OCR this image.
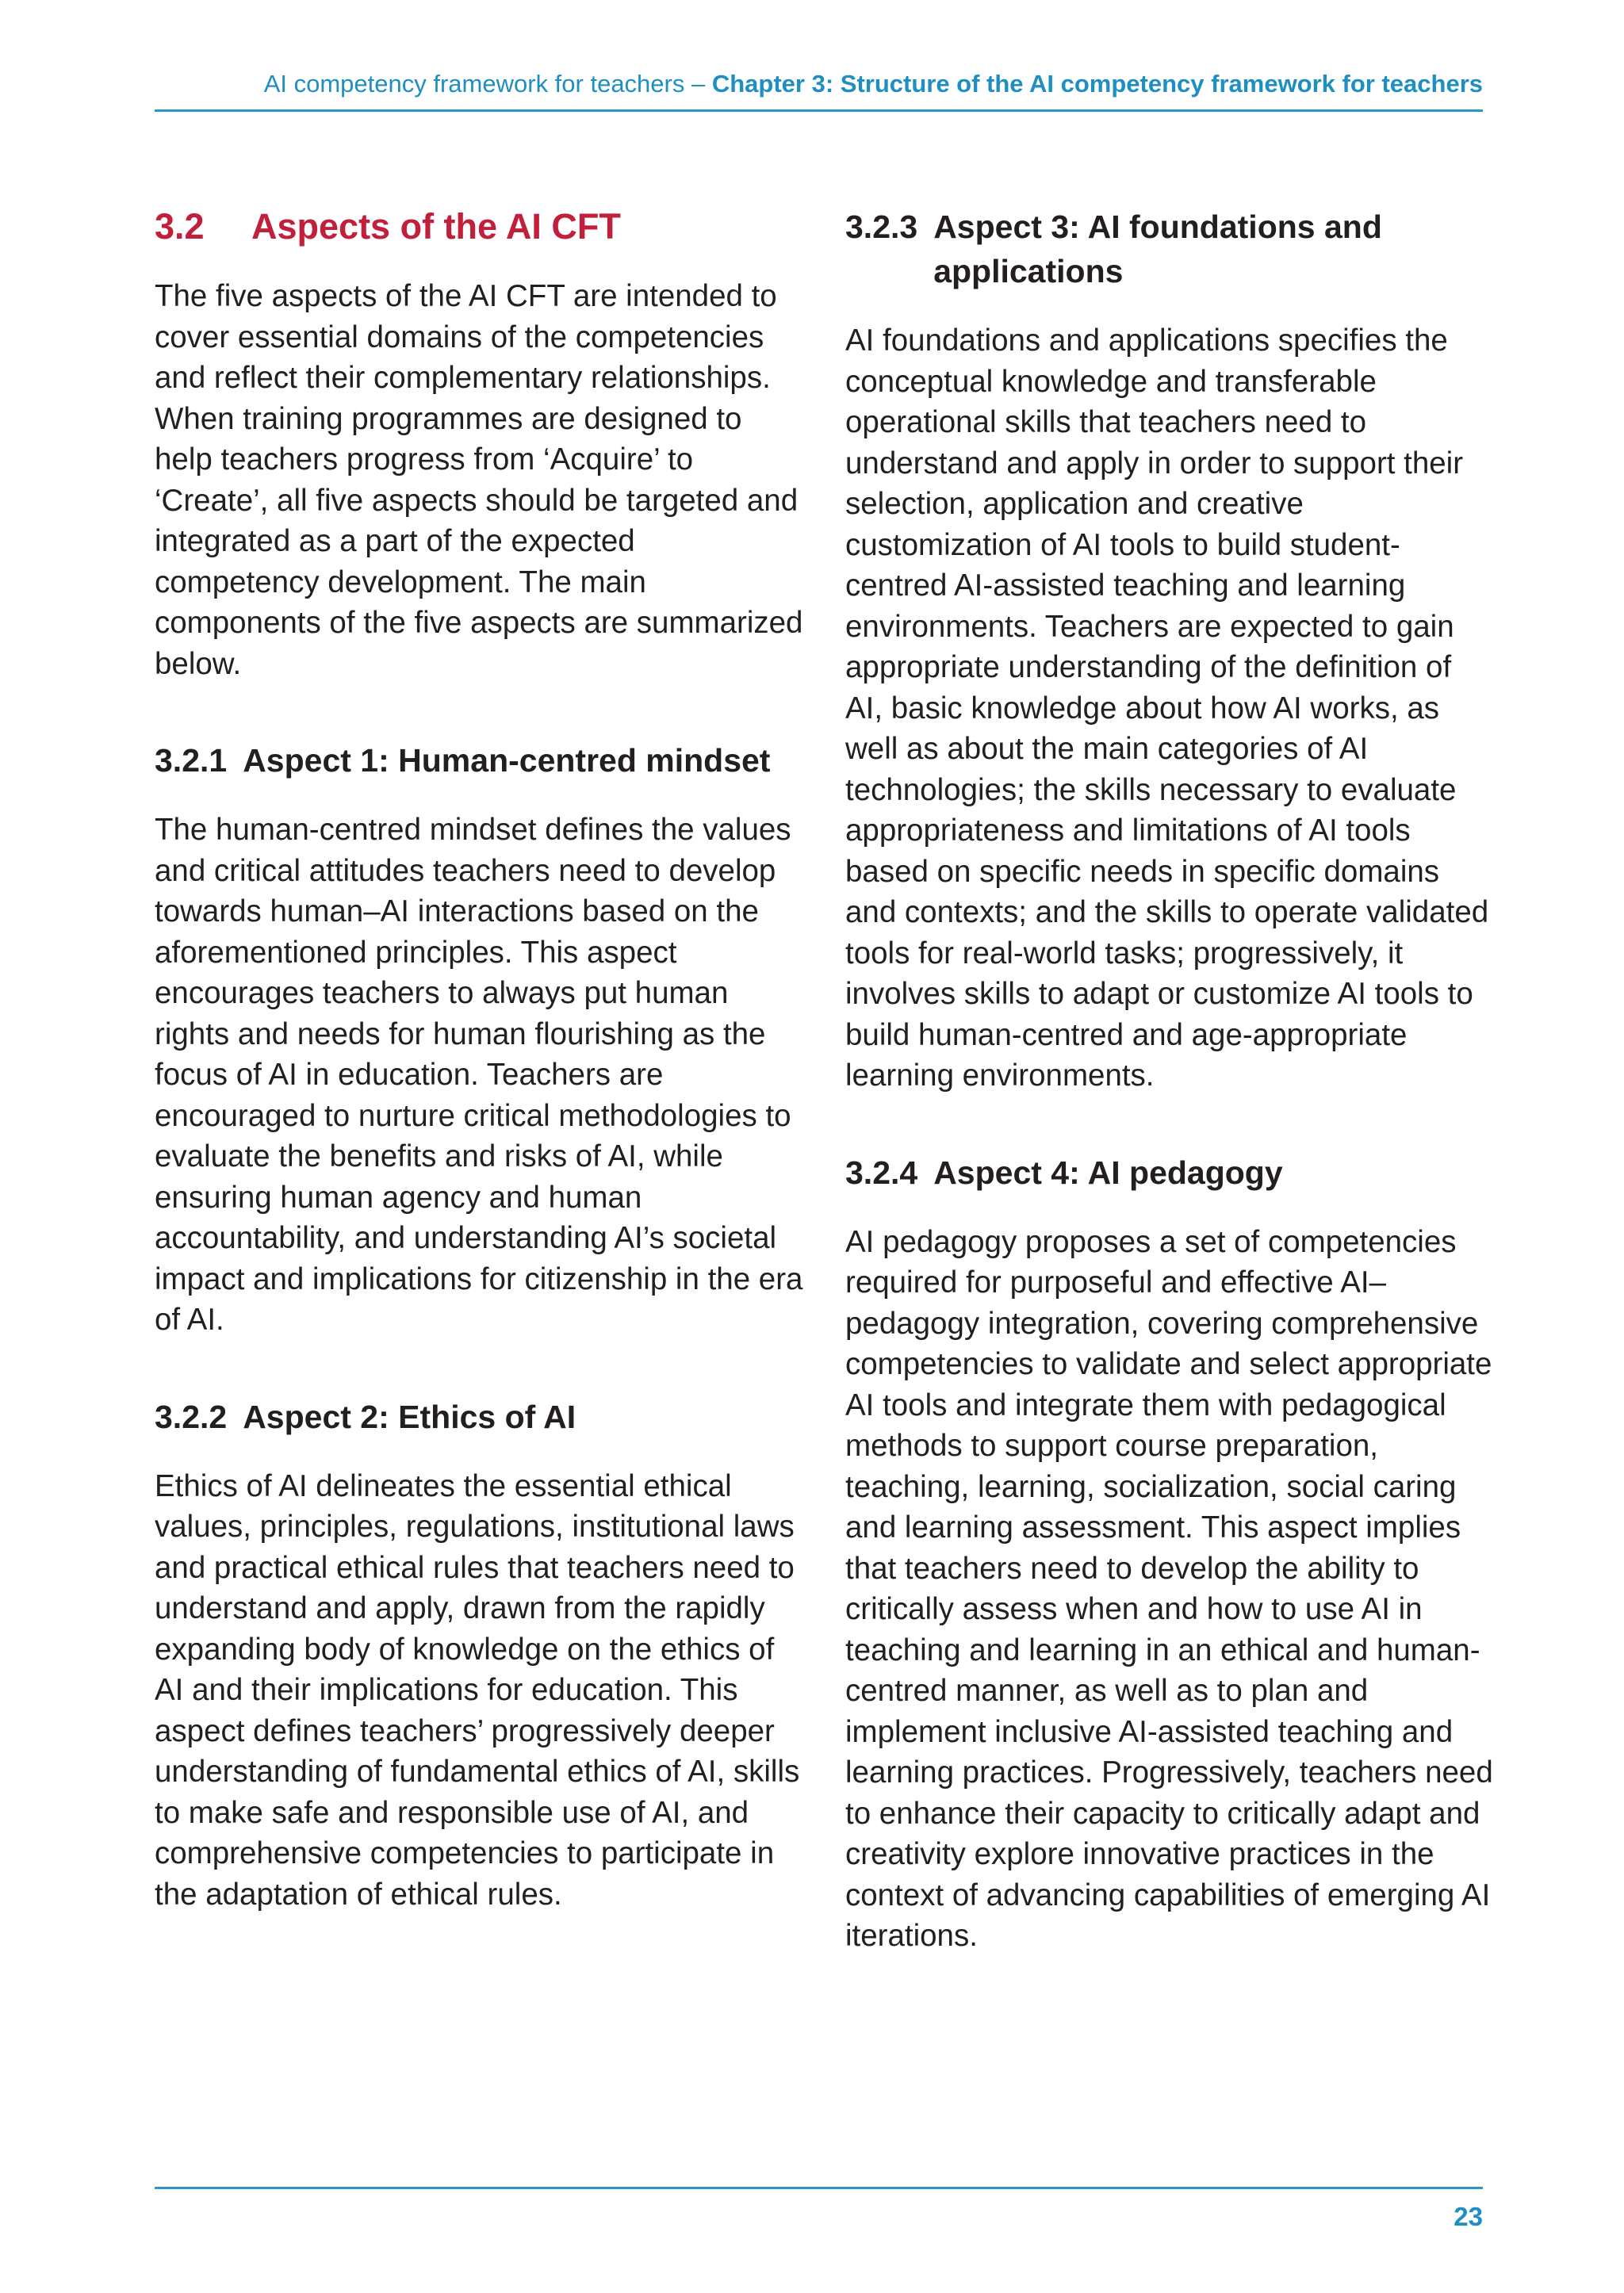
AI competency framework for teachers – Chapter 3: Structure of the AI competency framework for teachers
3.2	Aspects of the AI CFT

The five aspects of the AI CFT are intended to cover essential domains of the competencies and reflect their complementary relationships. When training programmes are designed to help teachers progress from ‘Acquire’ to ‘Create’, all five aspects should be targeted and integrated as a part of the expected competency development. The main components of the five aspects are summarized below.

3.2.1 Aspect 1: Human-centred mindset

The human-centred mindset defines the values and critical attitudes teachers need to develop towards human–AI interactions based on the aforementioned principles. This aspect encourages teachers to always put human rights and needs for human flourishing as the focus of AI in education. Teachers are encouraged to nurture critical methodologies to evaluate the benefits and risks of AI, while ensuring human agency and human accountability, and understanding AI’s societal impact and implications for citizenship in the era of AI.

3.2.2 Aspect 2: Ethics of AI

Ethics of AI delineates the essential ethical values, principles, regulations, institutional laws and practical ethical rules that teachers need to understand and apply, drawn from the rapidly expanding body of knowledge on the ethics of AI and their implications for education. This aspect defines teachers’ progressively deeper understanding of fundamental ethics of AI, skills to make safe and responsible use of AI, and comprehensive competencies to participate in the adaptation of ethical rules.

3.2.3 Aspect 3: AI foundations and applications

AI foundations and applications specifies the conceptual knowledge and transferable operational skills that teachers need to understand and apply in order to support their selection, application and creative customization of AI tools to build student-centred AI-assisted teaching and learning environments. Teachers are expected to gain appropriate understanding of the definition of AI, basic knowledge about how AI works, as well as about the main categories of AI technologies; the skills necessary to evaluate appropriateness and limitations of AI tools based on specific needs in specific domains and contexts; and the skills to operate validated tools for real-world tasks; progressively, it involves skills to adapt or customize AI tools to build human-centred and age-appropriate learning environments.

3.2.4 Aspect 4: AI pedagogy

AI pedagogy proposes a set of competencies required for purposeful and effective AI–pedagogy integration, covering comprehensive competencies to validate and select appropriate AI tools and integrate them with pedagogical methods to support course preparation, teaching, learning, socialization, social caring and learning assessment. This aspect implies that teachers need to develop the ability to critically assess when and how to use AI in teaching and learning in an ethical and human-centred manner, as well as to plan and implement inclusive AI-assisted teaching and learning practices. Progressively, teachers need to enhance their capacity to critically adapt and creativity explore innovative practices in the context of advancing capabilities of emerging AI iterations.

23
